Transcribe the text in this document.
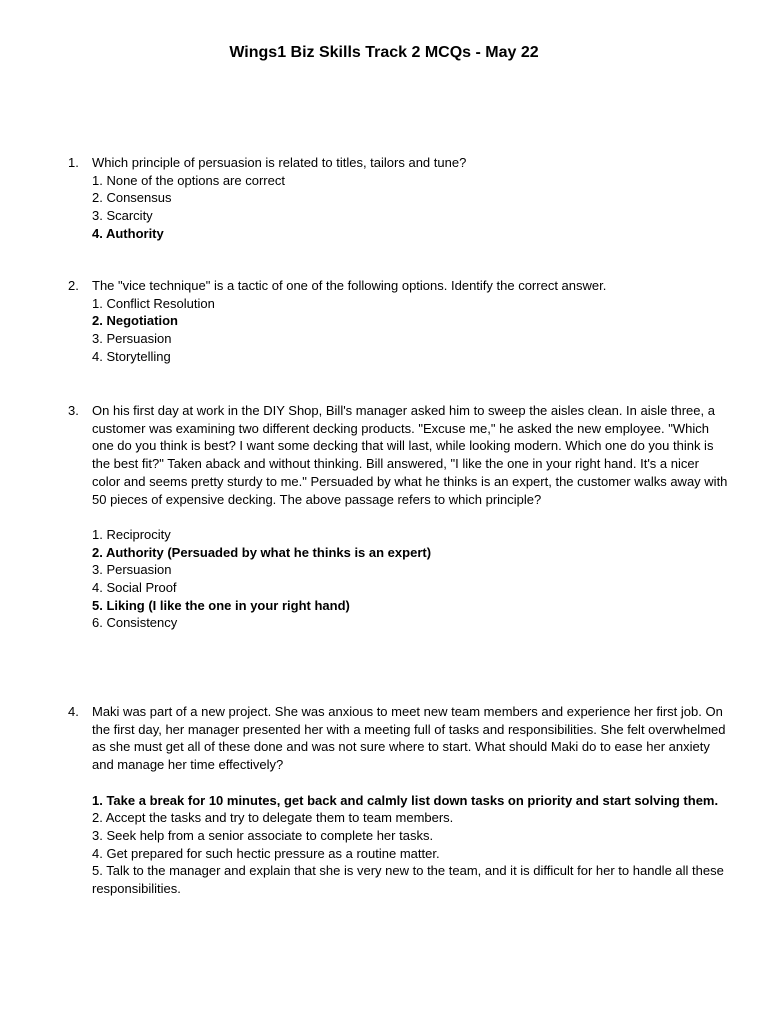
Wings1 Biz Skills Track 2 MCQs - May 22
1.	Which principle of persuasion is related to titles, tailors and tune?

1. None of the options are correct
2. Consensus
3. Scarcity
4. Authority
2.	The "vice technique" is a tactic of one of the following options. Identify the correct answer.

1. Conflict Resolution
2. Negotiation
3. Persuasion
4. Storytelling
3.	On his first day at work in the DIY Shop, Bill's manager asked him to sweep the aisles clean. In aisle three, a customer was examining two different decking products. "Excuse me," he asked the new employee. "Which one do you think is best? I want some decking that will last, while looking modern. Which one do you think is the best fit?" Taken aback and without thinking. Bill answered, "I like the one in your right hand. It's a nicer color and seems pretty sturdy to me." Persuaded by what he thinks is an expert, the customer walks away with 50 pieces of expensive decking. The above passage refers to which principle?

1. Reciprocity
2. Authority (Persuaded by what he thinks is an expert)
3. Persuasion
4. Social Proof
5. Liking (I like the one in your right hand)
6. Consistency
4.	Maki was part of a new project. She was anxious to meet new team members and experience her first job. On the first day, her manager presented her with a meeting full of tasks and responsibilities. She felt overwhelmed as she must get all of these done and was not sure where to start. What should Maki do to ease her anxiety and manage her time effectively?

1. Take a break for 10 minutes, get back and calmly list down tasks on priority and start solving them.
2. Accept the tasks and try to delegate them to team members.
3. Seek help from a senior associate to complete her tasks.
4. Get prepared for such hectic pressure as a routine matter.
5. Talk to the manager and explain that she is very new to the team, and it is difficult for her to handle all these responsibilities.
